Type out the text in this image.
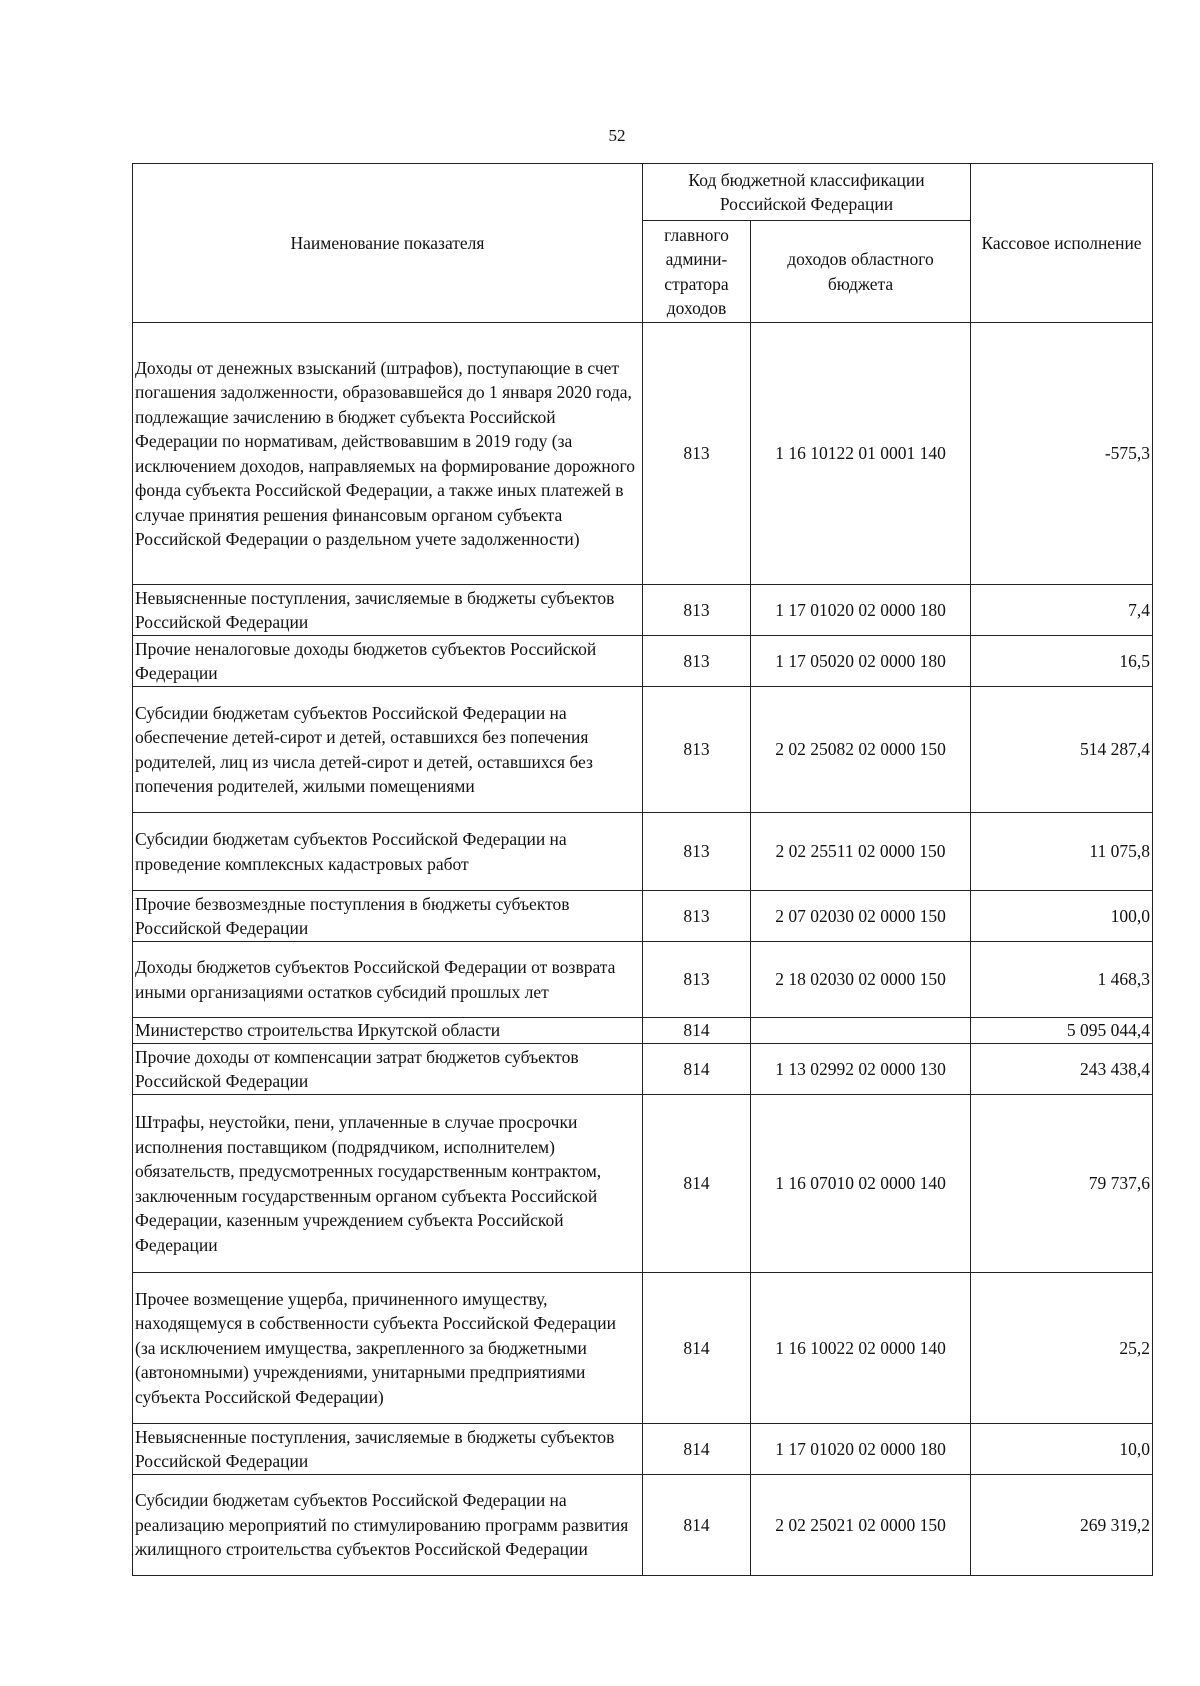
52
Наименование показателя	Код бюджетной классификации Российской Федерации		Кассовое исполнение
	главного админи-стратора доходов	доходов областного бюджета	
Доходы от денежных взысканий (штрафов), поступающие в счет погашения задолженности, образовавшейся до 1 января 2020 года, подлежащие зачислению в бюджет субъекта Российской Федерации по нормативам, действовавшим в 2019 году (за исключением доходов, направляемых на формирование дорожного фонда субъекта Российской Федерации, а также иных платежей в случае принятия решения финансовым органом субъекта Российской Федерации о раздельном учете задолженности)	813	1 16 10122 01 0001 140	-575,3
Невыясненные поступления, зачисляемые в бюджеты субъектов Российской Федерации	813	1 17 01020 02 0000 180	7,4
Прочие неналоговые доходы бюджетов субъектов Российской Федерации	813	1 17 05020 02 0000 180	16,5
Субсидии бюджетам субъектов Российской Федерации на обеспечение детей-сирот и детей, оставшихся без попечения родителей, лиц из числа детей-сирот и детей, оставшихся без попечения родителей, жилыми помещениями	813	2 02 25082 02 0000 150	514 287,4
Субсидии бюджетам субъектов Российской Федерации на проведение комплексных кадастровых работ	813	2 02 25511 02 0000 150	11 075,8
Прочие безвозмездные поступления в бюджеты субъектов Российской Федерации	813	2 07 02030 02 0000 150	100,0
Доходы бюджетов субъектов Российской Федерации от возврата иными организациями остатков субсидий прошлых лет	813	2 18 02030 02 0000 150	1 468,3
Министерство строительства Иркутской области	814		5 095 044,4
Прочие доходы от компенсации затрат бюджетов субъектов Российской Федерации	814	1 13 02992 02 0000 130	243 438,4
Штрафы, неустойки, пени, уплаченные в случае просрочки исполнения поставщиком (подрядчиком, исполнителем) обязательств, предусмотренных государственным контрактом, заключенным государственным органом субъекта Российской Федерации, казенным учреждением субъекта Российской Федерации	814	1 16 07010 02 0000 140	79 737,6
Прочее возмещение ущерба, причиненного имуществу, находящемуся в собственности субъекта Российской Федерации (за исключением имущества, закрепленного за бюджетными (автономными) учреждениями, унитарными предприятиями субъекта Российской Федерации)	814	1 16 10022 02 0000 140	25,2
Невыясненные поступления, зачисляемые в бюджеты субъектов Российской Федерации	814	1 17 01020 02 0000 180	10,0
Субсидии бюджетам субъектов Российской Федерации на реализацию мероприятий по стимулированию программ развития жилищного строительства субъектов Российской Федерации	814	2 02 25021 02 0000 150	269 319,2
